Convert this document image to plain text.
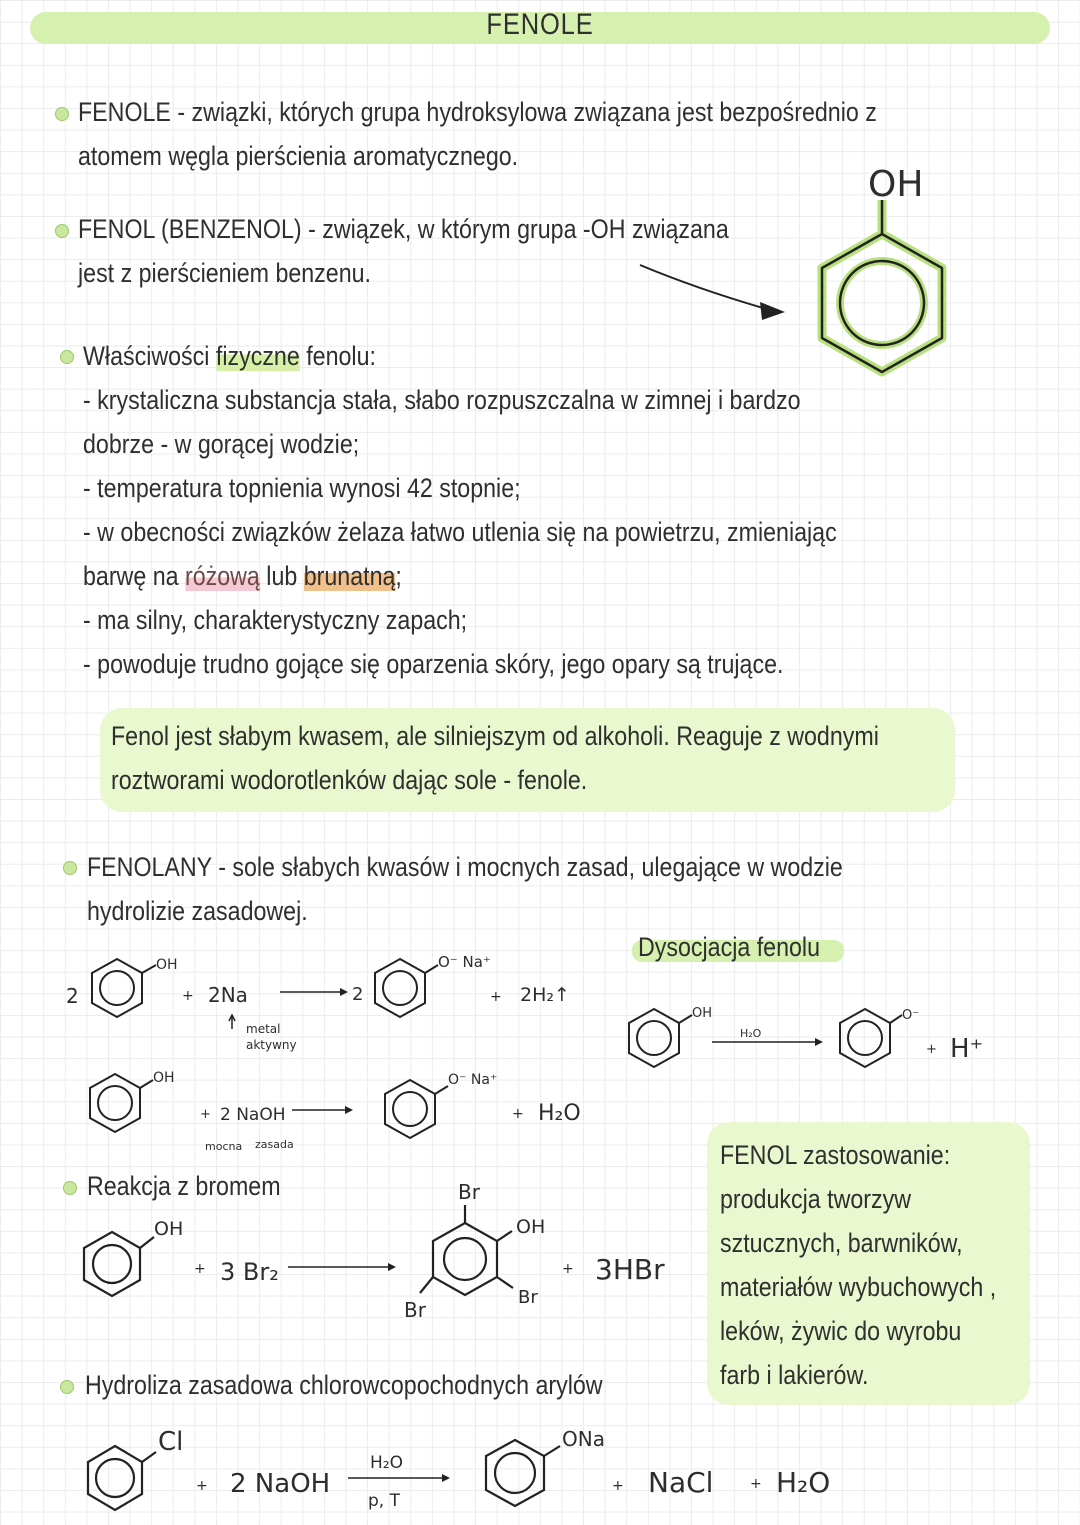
FENOLE
FENOLE - związki, których grupa hydroksylowa związana jest bezpośrednio z
atomem węgla pierścienia aromatycznego.
FENOL (BENZENOL) - związek, w którym grupa -OH związana
jest z pierścieniem benzenu.
OH
Właściwości fizyczne fenolu:
- krystaliczna substancja stała, słabo rozpuszczalna w zimnej i bardzo
dobrze - w gorącej wodzie;
- temperatura topnienia wynosi 42 stopnie;
- w obecności związków żelaza łatwo utlenia się na powietrzu, zmieniając
barwę na różową lub brunatną;
- ma silny, charakterystyczny zapach;
- powoduje trudno gojące się oparzenia skóry, jego opary są trujące.
Fenol jest słabym kwasem, ale silniejszym od alkoholi. Reaguje z wodnymi
roztworami wodorotlenków dając sole - fenole.
FENOLANY - sole słabych kwasów i mocnych zasad, ulegające w wodzie
hydrolizie zasadowej.
2
OH
+ 2Na
metal
aktywny
2
O⁻ Na⁺
+ 2H₂↑
OH
+ 2 NaOH
mocna zasada
O⁻ Na⁺
+ H₂O
Dysocjacja fenolu
OH
H₂O
O⁻
+ H⁺
FENOL zastosowanie:
produkcja tworzyw
sztucznych, barwników,
materiałów wybuchowych ,
leków, żywic do wyrobu
farb i lakierów.
Reakcja z bromem
OH
+ 3 Br₂
Br
OH
Br
Br
+ 3HBr
Hydroliza zasadowa chlorowcopochodnych arylów
Cl
+ 2 NaOH
H₂O
p, T
ONa
+ NaCl	+ H₂O
